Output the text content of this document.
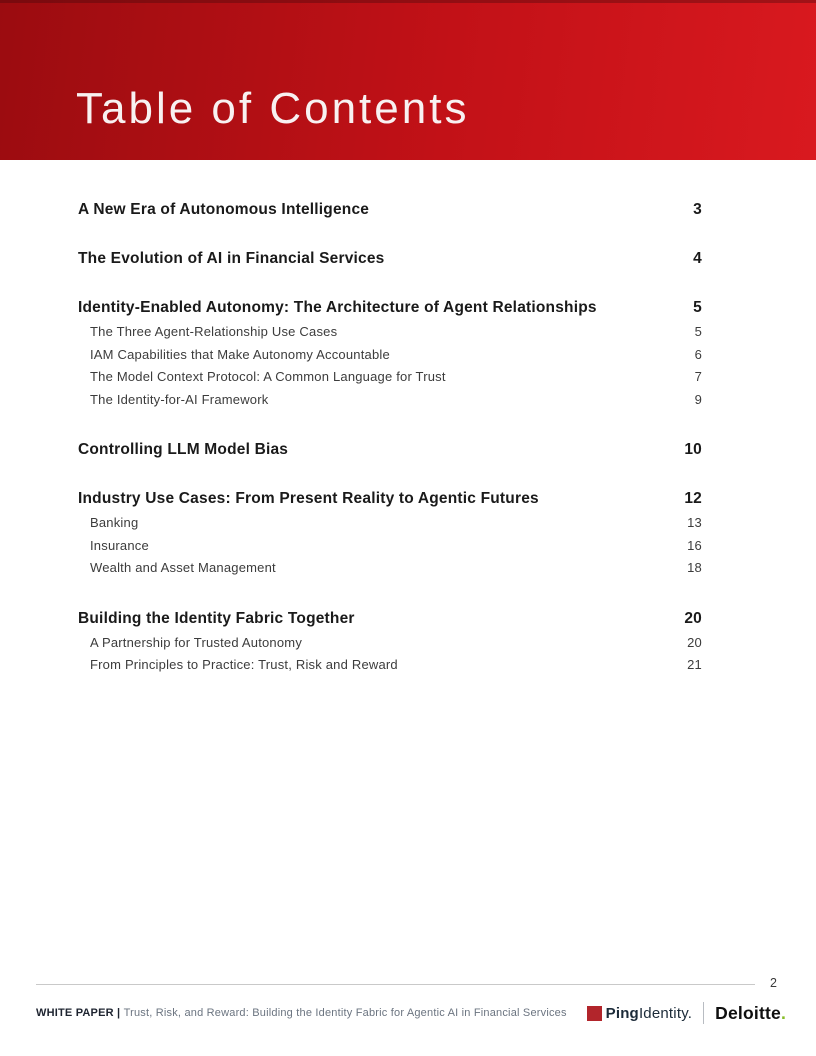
Table of Contents
A New Era of Autonomous Intelligence	3
The Evolution of AI in Financial Services	4
Identity-Enabled Autonomy: The Architecture of Agent Relationships	5
The Three Agent-Relationship Use Cases	5
IAM Capabilities that Make Autonomy Accountable	6
The Model Context Protocol: A Common Language for Trust	7
The Identity-for-AI Framework	9
Controlling LLM Model Bias	10
Industry Use Cases: From Present Reality to Agentic Futures	12
Banking	13
Insurance	16
Wealth and Asset Management	18
Building the Identity Fabric Together	20
A Partnership for Trusted Autonomy	20
From Principles to Practice: Trust, Risk and Reward	21
2

WHITE PAPER | Trust, Risk, and Reward: Building the Identity Fabric for Agentic AI in Financial Services	PingIdentity. Deloitte.
